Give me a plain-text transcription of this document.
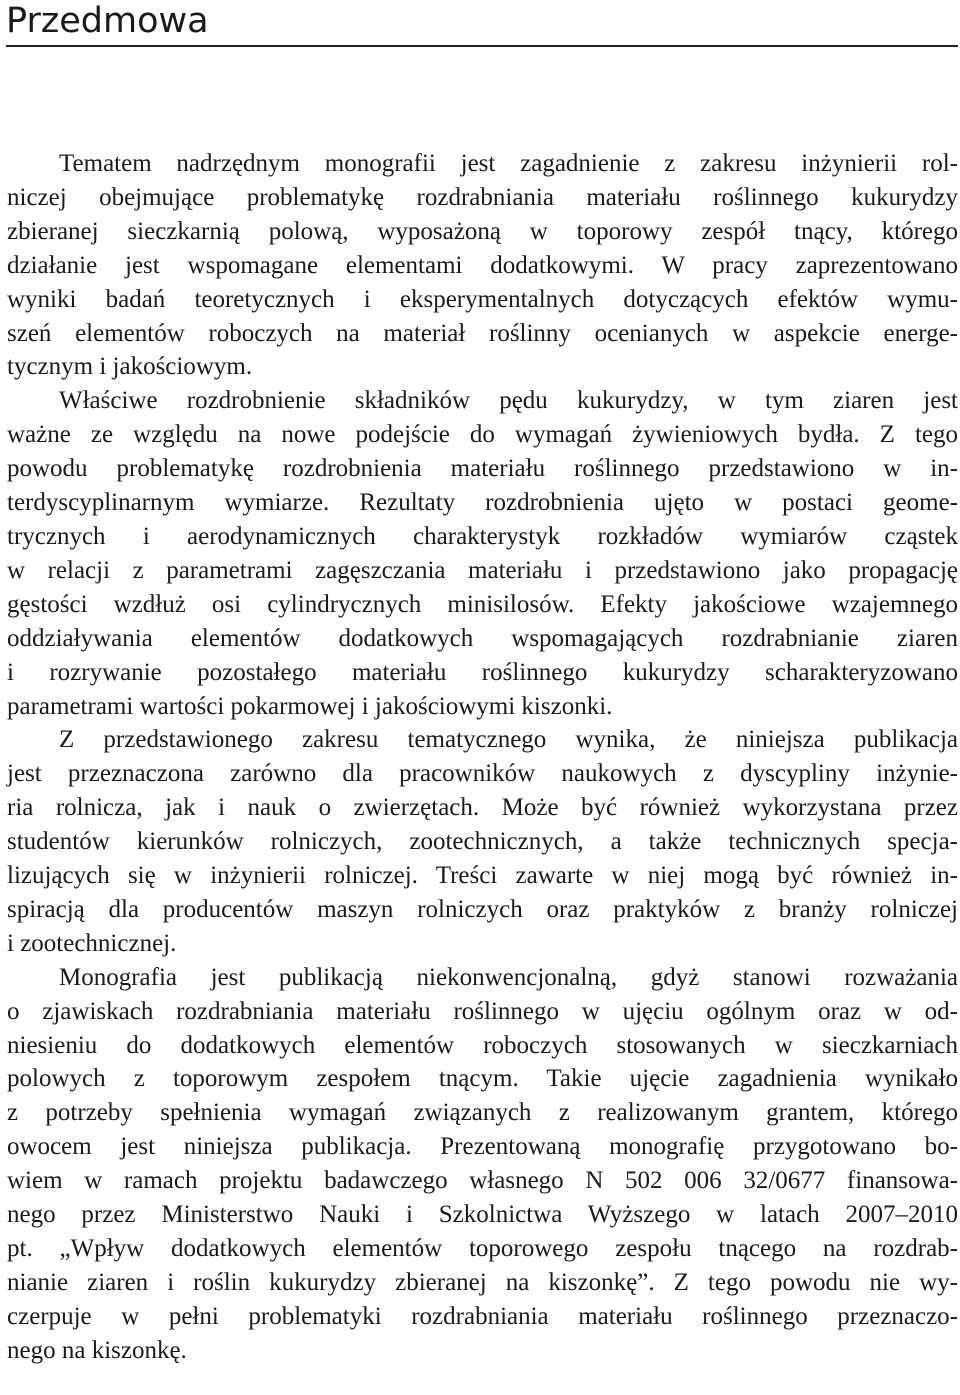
Przedmowa

Tematem nadrzędnym monografii jest zagadnienie z zakresu inżynierii rol-
niczej obejmujące problematykę rozdrabniania materiału roślinnego kukurydzy
zbieranej sieczkarnią polową, wyposażoną w toporowy zespół tnący, którego
działanie jest wspomagane elementami dodatkowymi. W pracy zaprezentowano
wyniki badań teoretycznych i eksperymentalnych dotyczących efektów wymu-
szeń elementów roboczych na materiał roślinny ocenianych w aspekcie energe-
tycznym i jakościowym.

Właściwe rozdrobnienie składników pędu kukurydzy, w tym ziaren jest
ważne ze względu na nowe podejście do wymagań żywieniowych bydła. Z tego
powodu problematykę rozdrobnienia materiału roślinnego przedstawiono w in-
terdyscyplinarnym wymiarze. Rezultaty rozdrobnienia ujęto w postaci geome-
trycznych i aerodynamicznych charakterystyk rozkładów wymiarów cząstek
w relacji z parametrami zagęszczania materiału i przedstawiono jako propagację
gęstości wzdłuż osi cylindrycznych minisilosów. Efekty jakościowe wzajemnego
oddziaływania elementów dodatkowych wspomagających rozdrabnianie ziaren
i rozrywanie pozostałego materiału roślinnego kukurydzy scharakteryzowano
parametrami wartości pokarmowej i jakościowymi kiszonki.

Z przedstawionego zakresu tematycznego wynika, że niniejsza publikacja
jest przeznaczona zarówno dla pracowników naukowych z dyscypliny inżynie-
ria rolnicza, jak i nauk o zwierzętach. Może być również wykorzystana przez
studentów kierunków rolniczych, zootechnicznych, a także technicznych specja-
lizujących się w inżynierii rolniczej. Treści zawarte w niej mogą być również in-
spiracją dla producentów maszyn rolniczych oraz praktyków z branży rolniczej
i zootechnicznej.

Monografia jest publikacją niekonwencjonalną, gdyż stanowi rozważania
o zjawiskach rozdrabniania materiału roślinnego w ujęciu ogólnym oraz w od-
niesieniu do dodatkowych elementów roboczych stosowanych w sieczkarniach
polowych z toporowym zespołem tnącym. Takie ujęcie zagadnienia wynikało
z potrzeby spełnienia wymagań związanych z realizowanym grantem, którego
owocem jest niniejsza publikacja. Prezentowaną monografię przygotowano bo-
wiem w ramach projektu badawczego własnego N 502 006 32/0677 finansowa-
nego przez Ministerstwo Nauki i Szkolnictwa Wyższego w latach 2007–2010
pt. „Wpływ dodatkowych elementów toporowego zespołu tnącego na rozdrab-
nianie ziaren i roślin kukurydzy zbieranej na kiszonkę”. Z tego powodu nie wy-
czerpuje w pełni problematyki rozdrabniania materiału roślinnego przeznaczo-
nego na kiszonkę.
